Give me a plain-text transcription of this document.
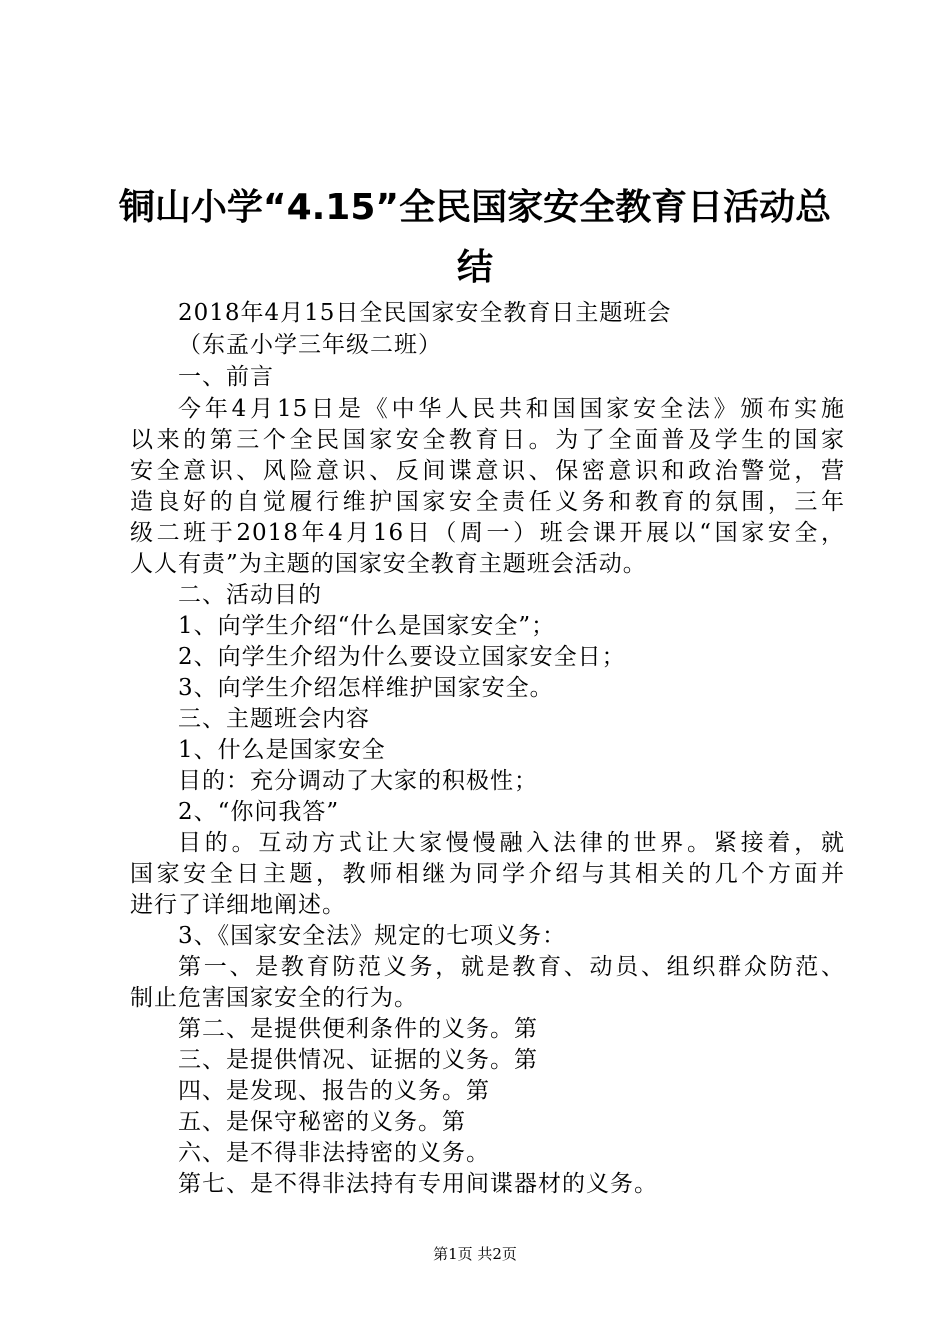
铜山小学“4.15”全民国家安全教育日活动总
结
2018年4月15日全民国家安全教育日主题班会
（东孟小学三年级二班）
一、前言
今年4月15日是《中华人民共和国国家安全法》颁布实施
以来的第三个全民国家安全教育日。为了全面普及学生的国家
安全意识、风险意识、反间谍意识、保密意识和政治警觉，营
造良好的自觉履行维护国家安全责任义务和教育的氛围，三年
级二班于2018年4月16日（周一）班会课开展以“国家安全，
人人有责”为主题的国家安全教育主题班会活动。
二、活动目的
1、向学生介绍“什么是国家安全”；
2、向学生介绍为什么要设立国家安全日；
3、向学生介绍怎样维护国家安全。
三、主题班会内容
1、什么是国家安全
目的：充分调动了大家的积极性；
2、“你问我答”
目的。互动方式让大家慢慢融入法律的世界。紧接着，就
国家安全日主题，教师相继为同学介绍与其相关的几个方面并
进行了详细地阐述。
3、《国家安全法》规定的七项义务：
第一、是教育防范义务，就是教育、动员、组织群众防范、
制止危害国家安全的行为。
第二、是提供便利条件的义务。第
三、是提供情况、证据的义务。第
四、是发现、报告的义务。第
五、是保守秘密的义务。第
六、是不得非法持密的义务。
第七、是不得非法持有专用间谍器材的义务。
第1页 共2页
